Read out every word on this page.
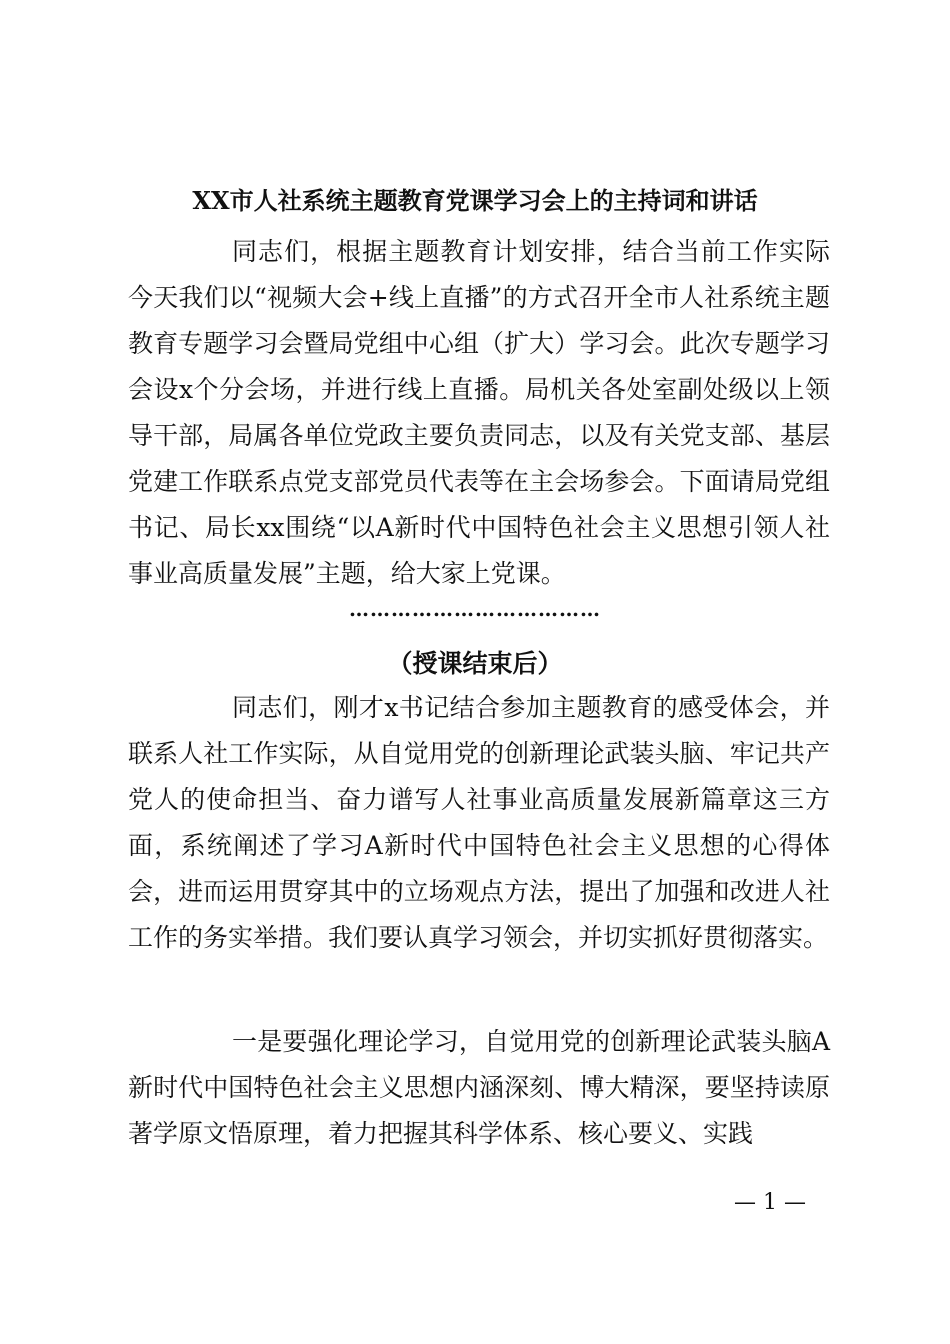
XX市人社系统主题教育党课学习会上的主持词和讲话

同志们，根据主题教育计划安排，结合当前工作实际今天我们以“视频大会+线上直播”的方式召开全市人社系统主题教育专题学习会暨局党组中心组（扩大）学习会。此次专题学习会设x个分会场，并进行线上直播。局机关各处室副处级以上领导干部，局属各单位党政主要负责同志，以及有关党支部、基层党建工作联系点党支部党员代表等在主会场参会。下面请局党组书记、局长xx围绕“以A新时代中国特色社会主义思想引领人社事业高质量发展”主题，给大家上党课。

………………………………
（授课结束后）

同志们，刚才x书记结合参加主题教育的感受体会，并联系人社工作实际，从自觉用党的创新理论武装头脑、牢记共产党人的使命担当、奋力谱写人社事业高质量发展新篇章这三方面，系统阐述了学习A新时代中国特色社会主义思想的心得体会，进而运用贯穿其中的立场观点方法，提出了加强和改进人社工作的务实举措。我们要认真学习领会，并切实抓好贯彻落实。

一是要强化理论学习，自觉用党的创新理论武装头脑A新时代中国特色社会主义思想内涵深刻、博大精深，要坚持读原著学原文悟原理，着力把握其科学体系、核心要义、实践

— 1 —
